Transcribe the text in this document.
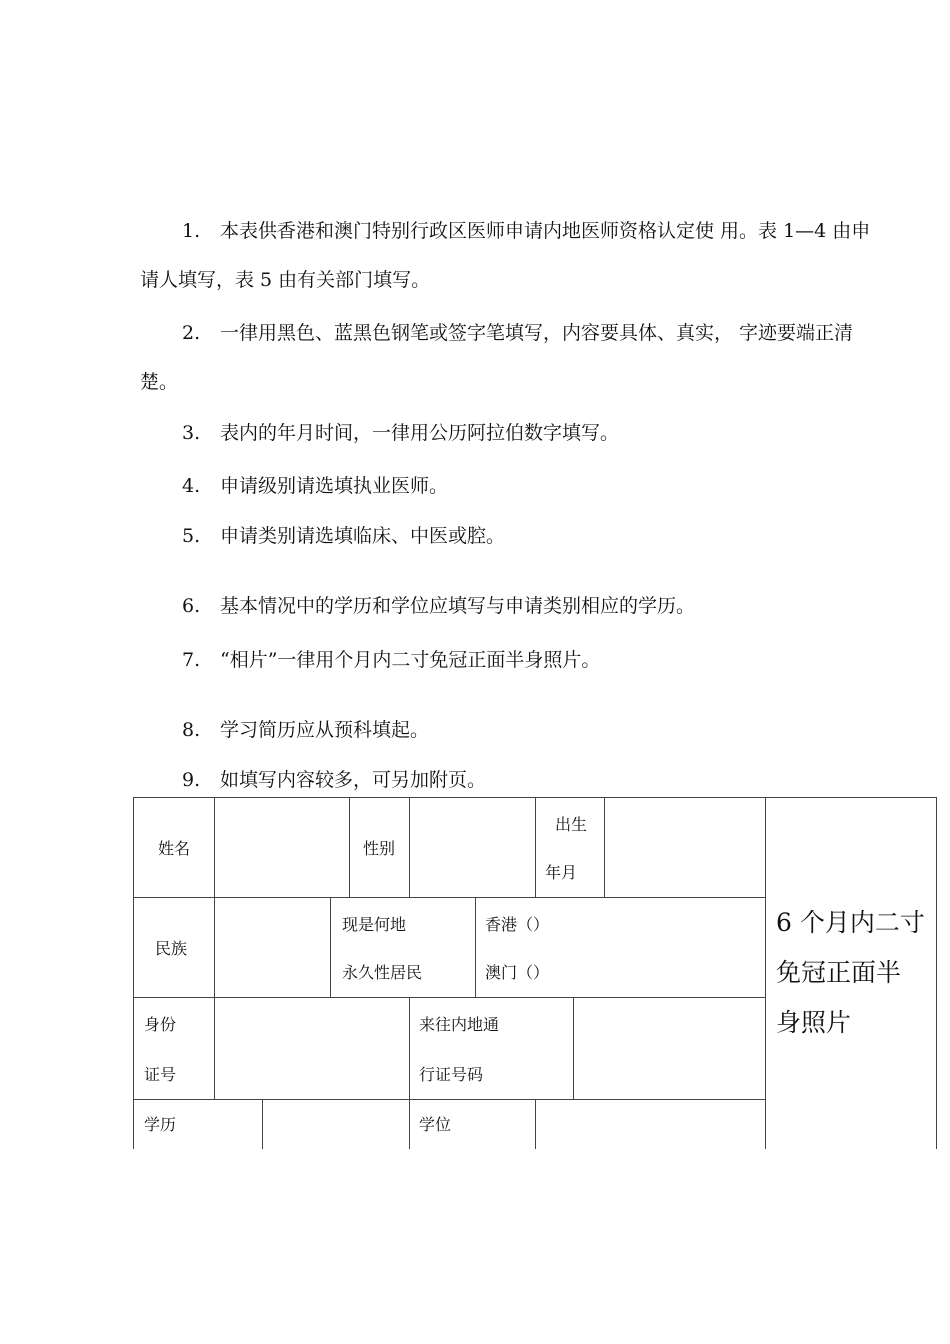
1. 本表供香港和澳门特别行政区医师申请内地医师资格认定使 用。表 1—4 由申

请人填写，表 5 由有关部门填写。

2. 一律用黑色、蓝黑色钢笔或签字笔填写，内容要具体、真实， 字迹要端正清

楚。

3. 表内的年月时间，一律用公历阿拉伯数字填写。

4. 申请级别请选填执业医师。

5. 申请类别请选填临床、中医或腔。

6. 基本情况中的学历和学位应填写与申请类别相应的学历。

7. “相片”一律用个月内二寸免冠正面半身照片。

8. 学习简历应从预科填起。

9. 如填写内容较多，可另加附页。

姓名	性别
出生
年月
民族
现是何地
永久性居民
香港（）
澳门（）
身份
证号
来往内地通
行证号码
学历	学位
6 个月内二寸
免冠正面半
身照片
